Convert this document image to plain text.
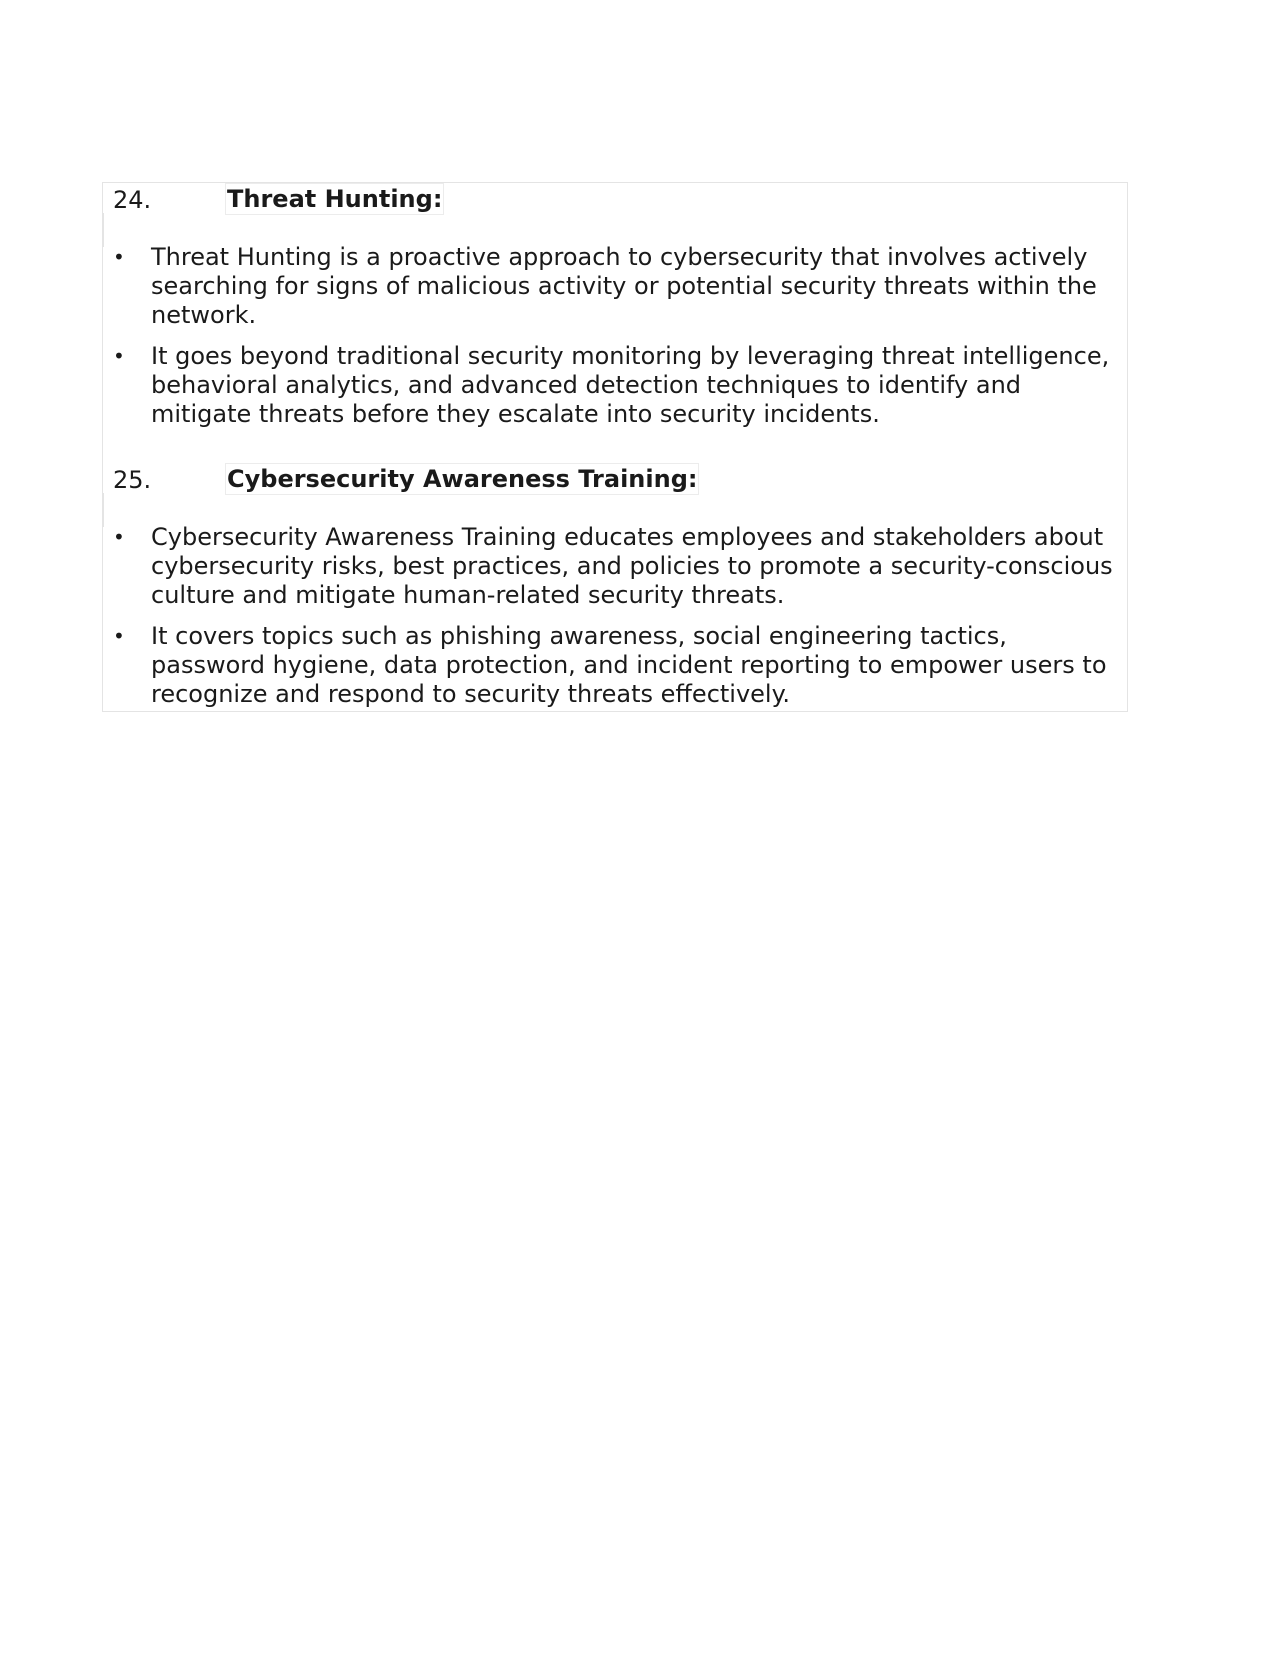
24.	Threat Hunting:
• Threat Hunting is a proactive approach to cybersecurity that involves actively searching for signs of malicious activity or potential security threats within the network.
• It goes beyond traditional security monitoring by leveraging threat intelligence, behavioral analytics, and advanced detection techniques to identify and mitigate threats before they escalate into security incidents.
25.	Cybersecurity Awareness Training:
• Cybersecurity Awareness Training educates employees and stakeholders about cybersecurity risks, best practices, and policies to promote a security-conscious culture and mitigate human-related security threats.
• It covers topics such as phishing awareness, social engineering tactics, password hygiene, data protection, and incident reporting to empower users to recognize and respond to security threats effectively.
